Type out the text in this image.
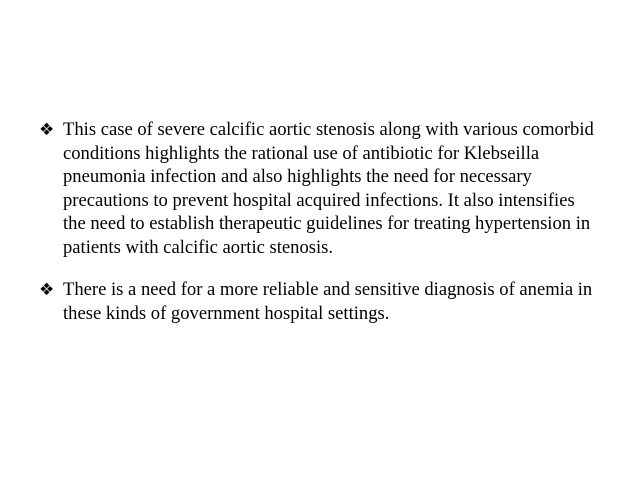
❖ This case of severe calcific aortic stenosis along with various comorbid conditions highlights the rational use of antibiotic for Klebseilla pneumonia infection and also highlights the need for necessary precautions to prevent hospital acquired infections. It also intensifies the need to establish therapeutic guidelines for treating hypertension in patients with calcific aortic stenosis.
❖ There is a need for a more reliable and sensitive diagnosis of anemia in these kinds of government hospital settings.
